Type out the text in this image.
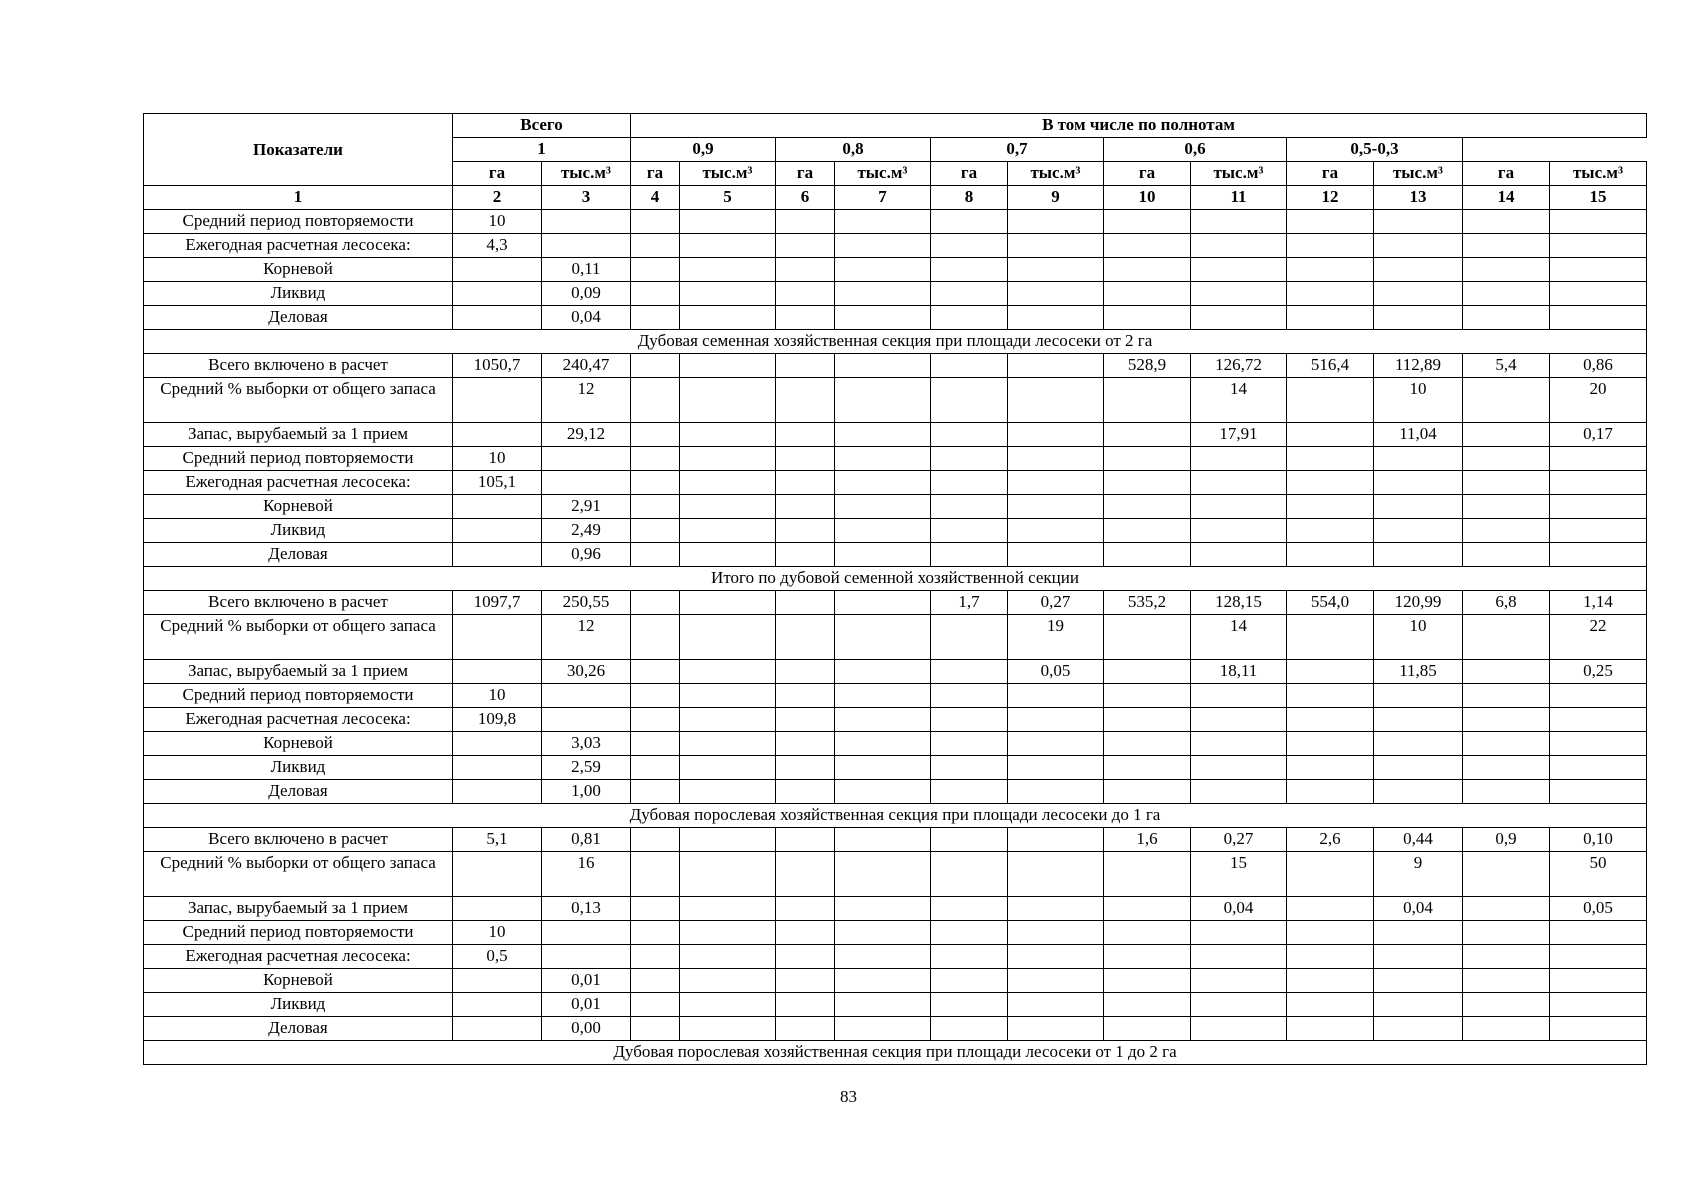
Показатели	Всего		В том числе по полнотам											
	1		0,9		0,8		0,7		0,6		0,5-0,3			
	га	тыс.м³	га	тыс.м³	га	тыс.м³	га	тыс.м³	га	тыс.м³	га	тыс.м³	га	тыс.м³
1	2	3	4	5	6	7	8	9	10	11	12	13	14	15
Средний период повторяемости	10													
Ежегодная расчетная лесосека:	4,3													
Корневой		0,11												
Ликвид		0,09												
Деловая		0,04												
Дубовая семенная хозяйственная секция при площади лесосеки от 2 га														
Всего включено в расчет	1050,7	240,47							528,9	126,72	516,4	112,89	5,4	0,86
Средний % выборки от общего запаса		12								14		10		20
Запас, вырубаемый за 1 прием		29,12								17,91		11,04		0,17
Средний период повторяемости	10													
Ежегодная расчетная лесосека:	105,1													
Корневой		2,91												
Ликвид		2,49												
Деловая		0,96												
Итого по дубовой семенной хозяйственной секции														
Всего включено в расчет	1097,7	250,55					1,7	0,27	535,2	128,15	554,0	120,99	6,8	1,14
Средний % выборки от общего запаса		12						19		14		10		22
Запас, вырубаемый за 1 прием		30,26						0,05		18,11		11,85		0,25
Средний период повторяемости	10													
Ежегодная расчетная лесосека:	109,8													
Корневой		3,03												
Ликвид		2,59												
Деловая		1,00												
Дубовая порослевая хозяйственная секция при площади лесосеки до 1 га														
Всего включено в расчет	5,1	0,81							1,6	0,27	2,6	0,44	0,9	0,10
Средний % выборки от общего запаса		16								15		9		50
Запас, вырубаемый за 1 прием		0,13								0,04		0,04		0,05
Средний период повторяемости	10													
Ежегодная расчетная лесосека:	0,5													
Корневой		0,01												
Ликвид		0,01												
Деловая		0,00												
Дубовая порослевая хозяйственная секция при площади лесосеки от 1 до 2 га														
83
